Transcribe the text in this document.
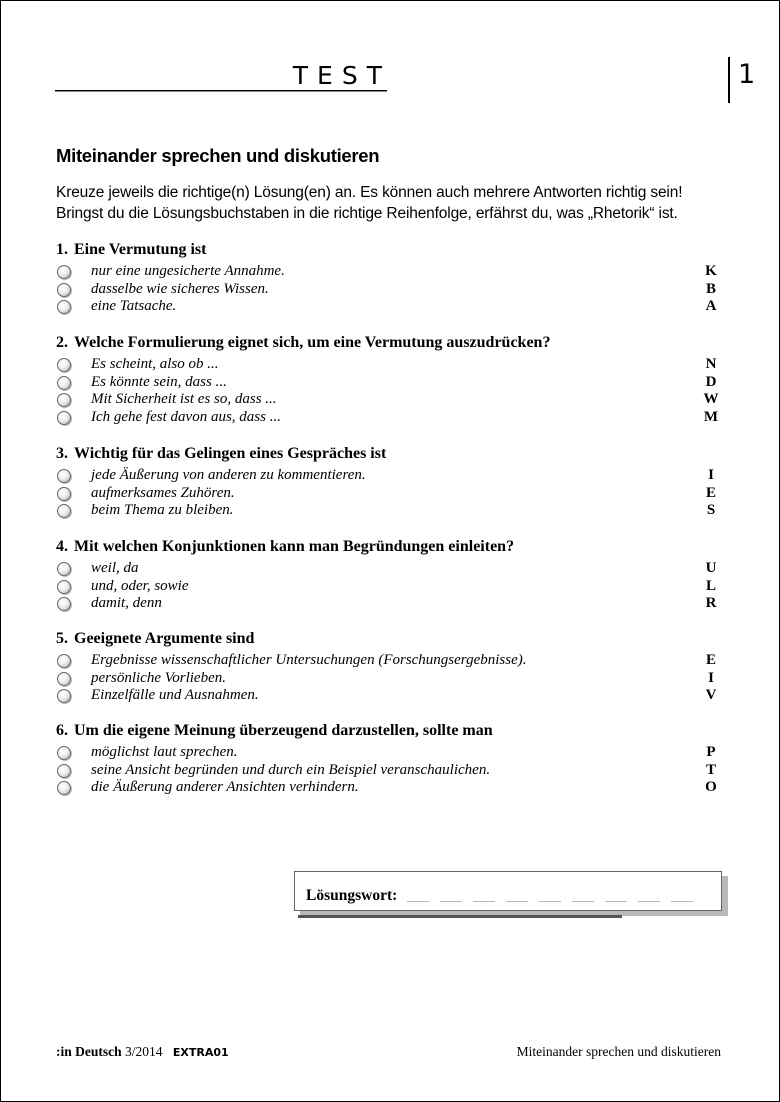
TEST	1
Miteinander sprechen und diskutieren
Kreuze jeweils die richtige(n) Lösung(en) an. Es können auch mehrere Antworten richtig sein!
Bringst du die Lösungsbuchstaben in die richtige Reihenfolge, erfährst du, was „Rhetorik“ ist.
1. Eine Vermutung ist
nur eine ungesicherte Annahme.	K
dasselbe wie sicheres Wissen.	B
eine Tatsache.	A
2. Welche Formulierung eignet sich, um eine Vermutung auszudrücken?
Es scheint, also ob ...	N
Es könnte sein, dass ...	D
Mit Sicherheit ist es so, dass ...	W
Ich gehe fest davon aus, dass ...	M
3. Wichtig für das Gelingen eines Gespräches ist
jede Äußerung von anderen zu kommentieren.	I
aufmerksames Zuhören.	E
beim Thema zu bleiben.	S
4. Mit welchen Konjunktionen kann man Begründungen einleiten?
weil, da	U
und, oder, sowie	L
damit, denn	R
5. Geeignete Argumente sind
Ergebnisse wissenschaftlicher Untersuchungen (Forschungsergebnisse).	E
persönliche Vorlieben.	I
Einzelfälle und Ausnahmen.	V
6. Um die eigene Meinung überzeugend darzustellen, sollte man
möglichst laut sprechen.	P
seine Ansicht begründen und durch ein Beispiel veranschaulichen.	T
die Äußerung anderer Ansichten verhindern.	O
Lösungswort:
:in Deutsch 3/2014 EXTRA01	Miteinander sprechen und diskutieren
